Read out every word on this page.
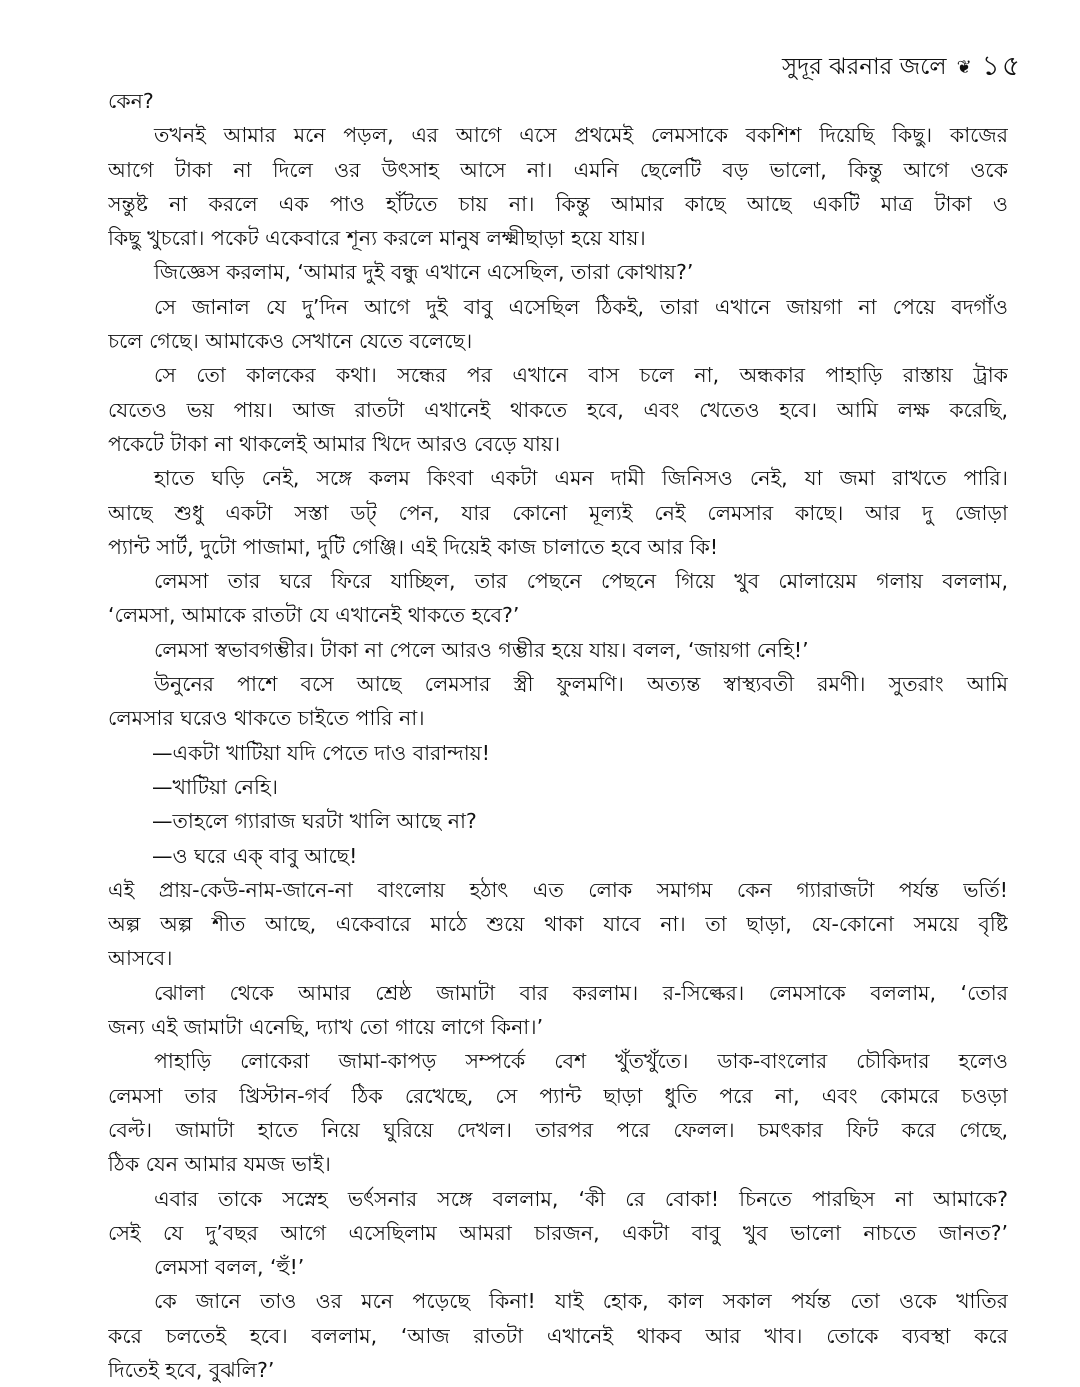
সুদূর ঝরনার জলে ❦ ১৫
কেন?
তখনই আমার মনে পড়ল, এর আগে এসে প্রথমেই লেমসাকে বকশিশ দিয়েছি কিছু। কাজের
আগে টাকা না দিলে ওর উৎসাহ আসে না। এমনি ছেলেটি বড় ভালো, কিন্তু আগে ওকে
সন্তুষ্ট না করলে এক পাও হাঁটতে চায় না। কিন্তু আমার কাছে আছে একটি মাত্র টাকা ও
কিছু খুচরো। পকেট একেবারে শূন্য করলে মানুষ লক্ষ্মীছাড়া হয়ে যায়।
জিজ্ঞেস করলাম, ‘আমার দুই বন্ধু এখানে এসেছিল, তারা কোথায়?’
সে জানাল যে দু’দিন আগে দুই বাবু এসেছিল ঠিকই, তারা এখানে জায়গা না পেয়ে বদগাঁও
চলে গেছে। আমাকেও সেখানে যেতে বলেছে।
সে তো কালকের কথা। সন্ধের পর এখানে বাস চলে না, অন্ধকার পাহাড়ি রাস্তায় ট্রাক
যেতেও ভয় পায়। আজ রাতটা এখানেই থাকতে হবে, এবং খেতেও হবে। আমি লক্ষ করেছি,
পকেটে টাকা না থাকলেই আমার খিদে আরও বেড়ে যায়।
হাতে ঘড়ি নেই, সঙ্গে কলম কিংবা একটা এমন দামী জিনিসও নেই, যা জমা রাখতে পারি।
আছে শুধু একটা সস্তা ডট্ পেন, যার কোনো মূল্যই নেই লেমসার কাছে। আর দু জোড়া
প্যান্ট সার্ট, দুটো পাজামা, দুটি গেঞ্জি। এই দিয়েই কাজ চালাতে হবে আর কি!
লেমসা তার ঘরে ফিরে যাচ্ছিল, তার পেছনে পেছনে গিয়ে খুব মোলায়েম গলায় বললাম,
‘লেমসা, আমাকে রাতটা যে এখানেই থাকতে হবে?’
লেমসা স্বভাবগম্ভীর। টাকা না পেলে আরও গম্ভীর হয়ে যায়। বলল, ‘জায়গা নেহি!’
উনুনের পাশে বসে আছে লেমসার স্ত্রী ফুলমণি। অত্যন্ত স্বাস্থ্যবতী রমণী। সুতরাং আমি
লেমসার ঘরেও থাকতে চাইতে পারি না।
—একটা খাটিয়া যদি পেতে দাও বারান্দায়!
—খাটিয়া নেহি।
—তাহলে গ্যারাজ ঘরটা খালি আছে না?
—ও ঘরে এক্ বাবু আছে!
এই প্রায়-কেউ-নাম-জানে-না বাংলোয় হঠাৎ এত লোক সমাগম কেন গ্যারাজটা পর্যন্ত ভর্তি!
অল্প অল্প শীত আছে, একেবারে মাঠে শুয়ে থাকা যাবে না। তা ছাড়া, যে-কোনো সময়ে বৃষ্টি
আসবে।
ঝোলা থেকে আমার শ্রেষ্ঠ জামাটা বার করলাম। র-সিল্কের। লেমসাকে বললাম, ‘তোর
জন্য এই জামাটা এনেছি, দ্যাখ তো গায়ে লাগে কিনা।’
পাহাড়ি লোকেরা জামা-কাপড় সম্পর্কে বেশ খুঁতখুঁতে। ডাক-বাংলোর চৌকিদার হলেও
লেমসা তার খ্রিস্টান-গর্ব ঠিক রেখেছে, সে প্যান্ট ছাড়া ধুতি পরে না, এবং কোমরে চওড়া
বেল্ট। জামাটা হাতে নিয়ে ঘুরিয়ে দেখল। তারপর পরে ফেলল। চমৎকার ফিট করে গেছে,
ঠিক যেন আমার যমজ ভাই।
এবার তাকে সস্নেহ ভর্ৎসনার সঙ্গে বললাম, ‘কী রে বোকা! চিনতে পারছিস না আমাকে?
সেই যে দু’বছর আগে এসেছিলাম আমরা চারজন, একটা বাবু খুব ভালো নাচতে জানত?’
লেমসা বলল, ‘হুঁ!’
কে জানে তাও ওর মনে পড়েছে কিনা! যাই হোক, কাল সকাল পর্যন্ত তো ওকে খাতির
করে চলতেই হবে। বললাম, ‘আজ রাতটা এখানেই থাকব আর খাব। তোকে ব্যবস্থা করে
দিতেই হবে, বুঝলি?’
